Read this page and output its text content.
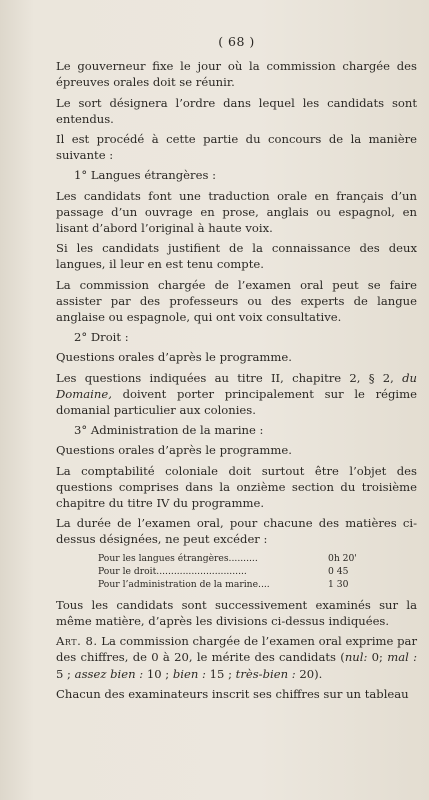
( 68 )

Le gouverneur fixe le jour où la commission chargée des épreuves orales doit se réunir.

Le sort désignera l’ordre dans lequel les candidats sont entendus.

Il est procédé à cette partie du concours de la manière suivante :

1° Langues étrangères :

Les candidats font une traduction orale en français d’un passage d’un ouvrage en prose, anglais ou espagnol, en lisant d’abord l’original à haute voix.

Si les candidats justifient de la connaissance des deux langues, il leur en est tenu compte.

La commission chargée de l’examen oral peut se faire assister par des professeurs ou des experts de langue anglaise ou espagnole, qui ont voix consultative.

2° Droit :

Questions orales d’après le programme.

Les questions indiquées au titre II, chapitre 2, § 2, du Domaine, doivent porter principalement sur le régime domanial particulier aux colonies.

3° Administration de la marine :

Questions orales d’après le programme.

La comptabilité coloniale doit surtout être l’objet des questions comprises dans la onzième section du troisième chapitre du titre IV du programme.

La durée de l’examen oral, pour chacune des matières ci-dessus désignées, ne peut excéder :

Pour les langues étrangères..........	0h 20'
Pour le droit...............................	0 45
Pour l’administration de la marine....	1 30

Tous les candidats sont successivement examinés sur la même matière, d’après les divisions ci-dessus indiquées.

Art. 8. La commission chargée de l’examen oral exprime par des chiffres, de 0 à 20, le mérite des candidats (nul: 0; mal : 5 ; assez bien : 10 ; bien : 15 ; très-bien : 20).

Chacun des examinateurs inscrit ses chiffres sur un tableau
